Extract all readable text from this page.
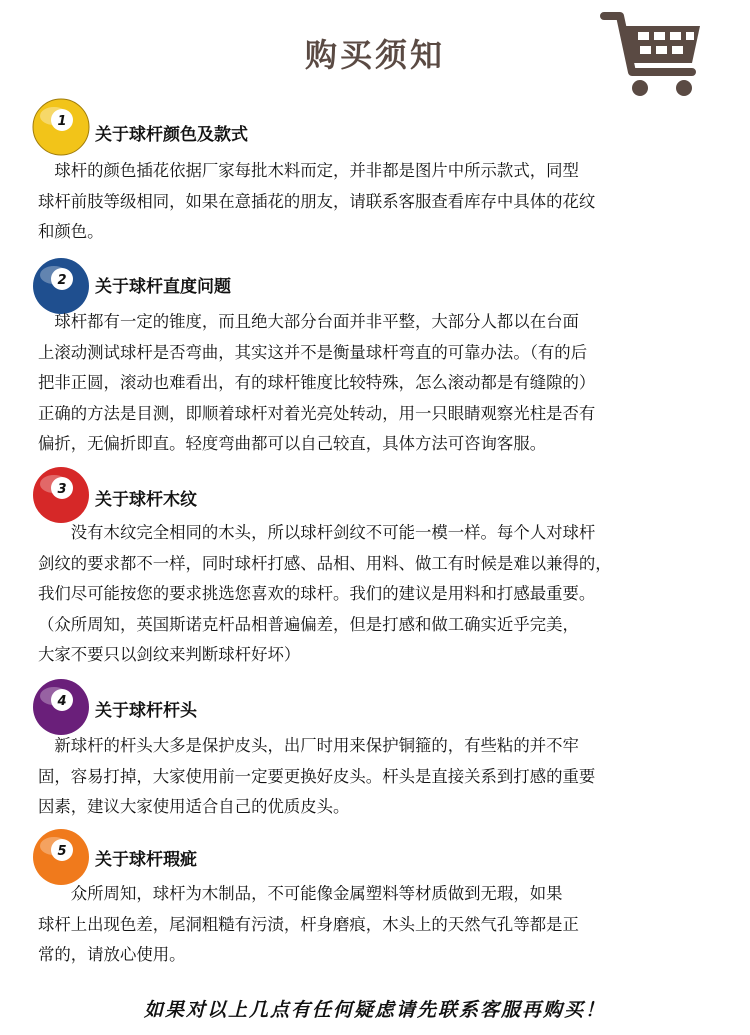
购买须知
1
关于球杆颜色及款式
　球杆的颜色插花依据厂家每批木料而定，并非都是图片中所示款式，同型
球杆前肢等级相同，如果在意插花的朋友，请联系客服查看库存中具体的花纹
和颜色。
2 关于球杆直度问题
　球杆都有一定的锥度，而且绝大部分台面并非平整，大部分人都以在台面
上滚动测试球杆是否弯曲，其实这并不是衡量球杆弯直的可靠办法。（有的后
把非正圆，滚动也难看出，有的球杆锥度比较特殊，怎么滚动都是有缝隙的）
正确的方法是目测，即顺着球杆对着光亮处转动，用一只眼睛观察光柱是否有
偏折，无偏折即直。轻度弯曲都可以自己较直，具体方法可咨询客服。
3
关于球杆木纹
　　没有木纹完全相同的木头，所以球杆剑纹不可能一模一样。每个人对球杆
剑纹的要求都不一样，同时球杆打感、品相、用料、做工有时候是难以兼得的，
我们尽可能按您的要求挑选您喜欢的球杆。我们的建议是用料和打感最重要。
（众所周知，英国斯诺克杆品相普遍偏差，但是打感和做工确实近乎完美，
大家不要只以剑纹来判断球杆好坏）
4 关于球杆杆头
　新球杆的杆头大多是保护皮头，出厂时用来保护铜箍的，有些粘的并不牢
固，容易打掉，大家使用前一定要更换好皮头。杆头是直接关系到打感的重要
因素，建议大家使用适合自己的优质皮头。
5 关于球杆瑕疵
　　众所周知，球杆为木制品，不可能像金属塑料等材质做到无瑕，如果
球杆上出现色差，尾洞粗糙有污渍，杆身磨痕，木头上的天然气孔等都是正
常的，请放心使用。
如果对以上几点有任何疑虑请先联系客服再购买！
